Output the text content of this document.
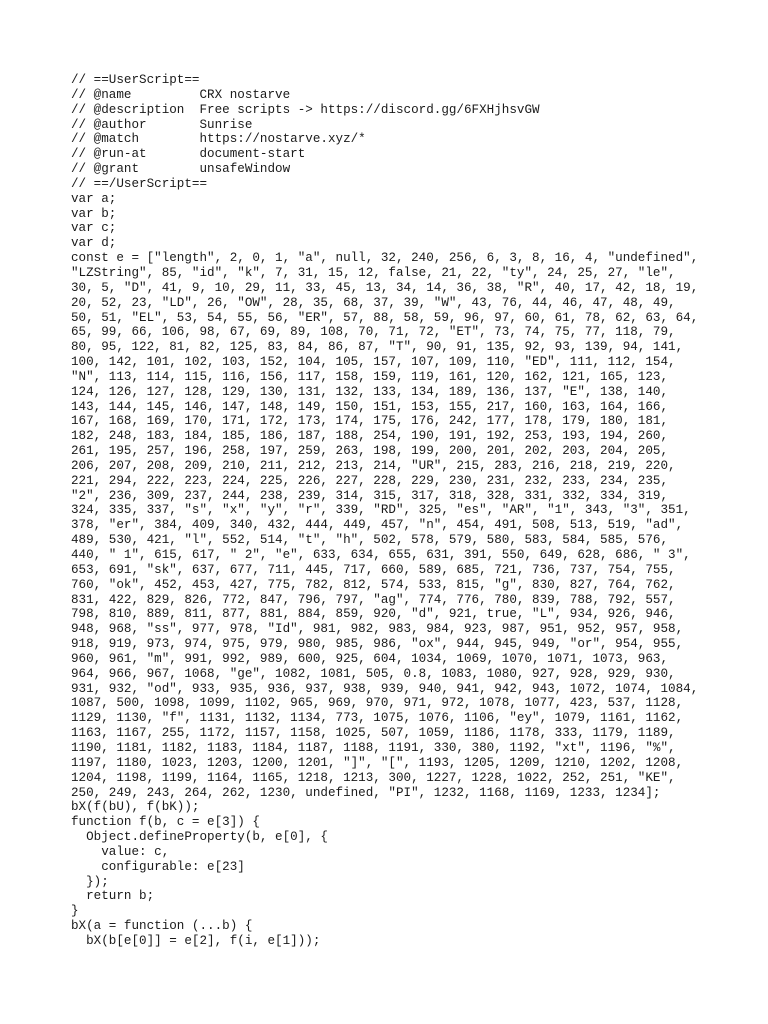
// ==UserScript==
// @name         CRX nostarve
// @description  Free scripts -> https://discord.gg/6FXHjhsvGW
// @author       Sunrise
// @match        https://nostarve.xyz/*
// @run-at       document-start
// @grant        unsafeWindow
// ==/UserScript==
var a;
var b;
var c;
var d;
const e = ["length", 2, 0, 1, "a", null, 32, 240, 256, 6, 3, 8, 16, 4, "undefined",
"LZString", 85, "id", "k", 7, 31, 15, 12, false, 21, 22, "ty", 24, 25, 27, "le",
30, 5, "D", 41, 9, 10, 29, 11, 33, 45, 13, 34, 14, 36, 38, "R", 40, 17, 42, 18, 19,
20, 52, 23, "LD", 26, "OW", 28, 35, 68, 37, 39, "W", 43, 76, 44, 46, 47, 48, 49,
50, 51, "EL", 53, 54, 55, 56, "ER", 57, 88, 58, 59, 96, 97, 60, 61, 78, 62, 63, 64,
65, 99, 66, 106, 98, 67, 69, 89, 108, 70, 71, 72, "ET", 73, 74, 75, 77, 118, 79,
80, 95, 122, 81, 82, 125, 83, 84, 86, 87, "T", 90, 91, 135, 92, 93, 139, 94, 141,
100, 142, 101, 102, 103, 152, 104, 105, 157, 107, 109, 110, "ED", 111, 112, 154,
"N", 113, 114, 115, 116, 156, 117, 158, 159, 119, 161, 120, 162, 121, 165, 123,
124, 126, 127, 128, 129, 130, 131, 132, 133, 134, 189, 136, 137, "E", 138, 140,
143, 144, 145, 146, 147, 148, 149, 150, 151, 153, 155, 217, 160, 163, 164, 166,
167, 168, 169, 170, 171, 172, 173, 174, 175, 176, 242, 177, 178, 179, 180, 181,
182, 248, 183, 184, 185, 186, 187, 188, 254, 190, 191, 192, 253, 193, 194, 260,
261, 195, 257, 196, 258, 197, 259, 263, 198, 199, 200, 201, 202, 203, 204, 205,
206, 207, 208, 209, 210, 211, 212, 213, 214, "UR", 215, 283, 216, 218, 219, 220,
221, 294, 222, 223, 224, 225, 226, 227, 228, 229, 230, 231, 232, 233, 234, 235,
"2", 236, 309, 237, 244, 238, 239, 314, 315, 317, 318, 328, 331, 332, 334, 319,
324, 335, 337, "s", "x", "y", "r", 339, "RD", 325, "es", "AR", "1", 343, "3", 351,
378, "er", 384, 409, 340, 432, 444, 449, 457, "n", 454, 491, 508, 513, 519, "ad",
489, 530, 421, "l", 552, 514, "t", "h", 502, 578, 579, 580, 583, 584, 585, 576,
440, " 1", 615, 617, " 2", "e", 633, 634, 655, 631, 391, 550, 649, 628, 686, " 3",
653, 691, "sk", 637, 677, 711, 445, 717, 660, 589, 685, 721, 736, 737, 754, 755,
760, "ok", 452, 453, 427, 775, 782, 812, 574, 533, 815, "g", 830, 827, 764, 762,
831, 422, 829, 826, 772, 847, 796, 797, "ag", 774, 776, 780, 839, 788, 792, 557,
798, 810, 889, 811, 877, 881, 884, 859, 920, "d", 921, true, "L", 934, 926, 946,
948, 968, "ss", 977, 978, "Id", 981, 982, 983, 984, 923, 987, 951, 952, 957, 958,
918, 919, 973, 974, 975, 979, 980, 985, 986, "ox", 944, 945, 949, "or", 954, 955,
960, 961, "m", 991, 992, 989, 600, 925, 604, 1034, 1069, 1070, 1071, 1073, 963,
964, 966, 967, 1068, "ge", 1082, 1081, 505, 0.8, 1083, 1080, 927, 928, 929, 930,
931, 932, "od", 933, 935, 936, 937, 938, 939, 940, 941, 942, 943, 1072, 1074, 1084,
1087, 500, 1098, 1099, 1102, 965, 969, 970, 971, 972, 1078, 1077, 423, 537, 1128,
1129, 1130, "f", 1131, 1132, 1134, 773, 1075, 1076, 1106, "ey", 1079, 1161, 1162,
1163, 1167, 255, 1172, 1157, 1158, 1025, 507, 1059, 1186, 1178, 333, 1179, 1189,
1190, 1181, 1182, 1183, 1184, 1187, 1188, 1191, 330, 380, 1192, "xt", 1196, "%",
1197, 1180, 1023, 1203, 1200, 1201, "]", "[", 1193, 1205, 1209, 1210, 1202, 1208,
1204, 1198, 1199, 1164, 1165, 1218, 1213, 300, 1227, 1228, 1022, 252, 251, "KE",
250, 249, 243, 264, 262, 1230, undefined, "PI", 1232, 1168, 1169, 1233, 1234];
bX(f(bU), f(bK));
function f(b, c = e[3]) {
Object.defineProperty(b, e[0], {
value: c,
configurable: e[23]
});
return b;
}
bX(a = function (...b) {
bX(b[e[0]] = e[2], f(i, e[1]));
